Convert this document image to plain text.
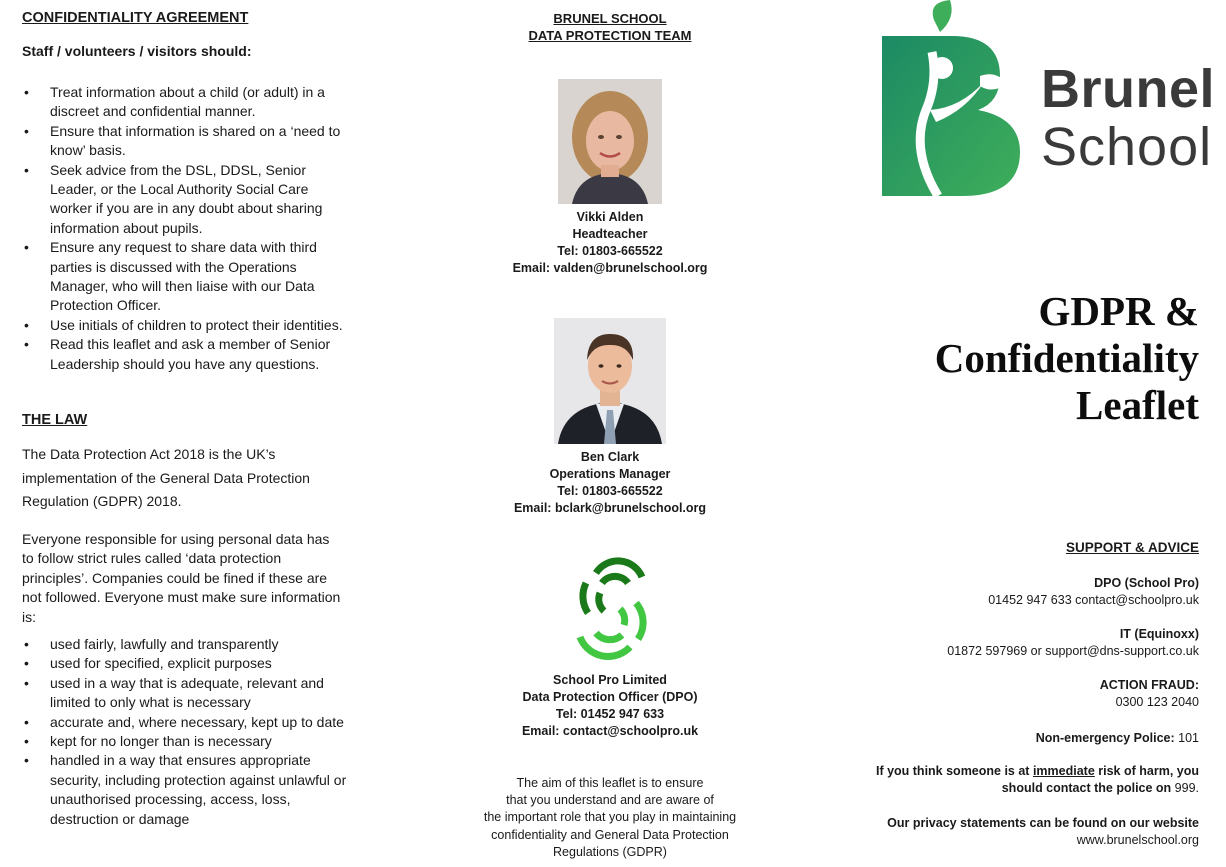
CONFIDENTIALITY AGREEMENT
Staff / volunteers / visitors should:
• Treat information about a child (or adult) in a discreet and confidential manner.
• Ensure that information is shared on a ‘need to know’ basis.
• Seek advice from the DSL, DDSL, Senior Leader, or the Local Authority Social Care worker if you are in any doubt about sharing information about pupils.
• Ensure any request to share data with third parties is discussed with the Operations Manager, who will then liaise with our Data Protection Officer.
• Use initials of children to protect their identities.
• Read this leaflet and ask a member of Senior Leadership should you have any questions.
THE LAW

The Data Protection Act 2018 is the UK’s implementation of the General Data Protection Regulation (GDPR) 2018.

Everyone responsible for using personal data has to follow strict rules called ‘data protection principles’. Companies could be fined if these are not followed. Everyone must make sure information is:

• used fairly, lawfully and transparently
• used for specified, explicit purposes
• used in a way that is adequate, relevant and limited to only what is necessary
• accurate and, where necessary, kept up to date
• kept for no longer than is necessary
• handled in a way that ensures appropriate security, including protection against unlawful or unauthorised processing, access, loss, destruction or damage
BRUNEL SCHOOL
DATA PROTECTION TEAM
Vikki Alden
Headteacher
Tel: 01803-665522
Email: valden@brunelschool.org
Ben Clark
Operations Manager
Tel: 01803-665522
Email: bclark@brunelschool.org
School Pro Limited
Data Protection Officer (DPO)
Tel: 01452 947 633
Email: contact@schoolpro.uk
The aim of this leaflet is to ensure
that you understand and are aware of
the important role that you play in maintaining
confidentiality and General Data Protection
Regulations (GDPR)
Brunel
School
GDPR &
Confidentiality
Leaflet
SUPPORT & ADVICE
DPO (School Pro)
01452 947 633 contact@schoolpro.uk
IT (Equinoxx)
01872 597969 or support@dns-support.co.uk
ACTION FRAUD:
0300 123 2040
Non-emergency Police: 101
If you think someone is at immediate risk of harm, you
should contact the police on 999.
Our privacy statements can be found on our website
www.brunelschool.org
